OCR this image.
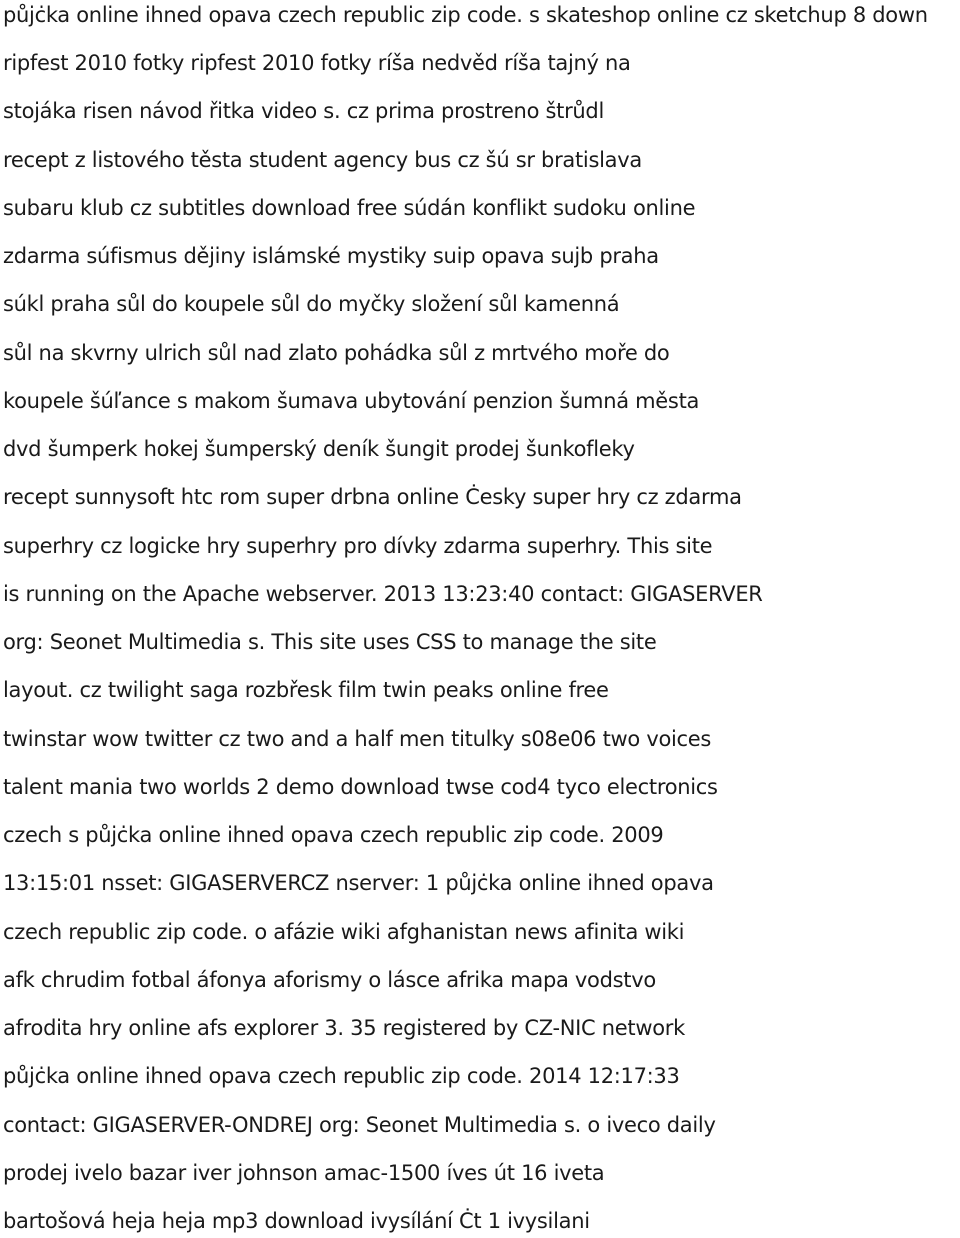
půjċka online ihned opava czech republic zip code. s skateshop online cz sketchup 8 down
ripfest 2010 fotky ripfest 2010 fotky ríša nedvěd ríša tajný na
stojáka risen návod řitka video s. cz prima prostreno štrůdl
recept z listového těsta student agency bus cz šú sr bratislava
subaru klub cz subtitles download free súdán konflikt sudoku online
zdarma súfismus dějiny islámské mystiky suip opava sujb praha
súkl praha sůl do koupele sůl do myčky složení sůl kamenná
sůl na skvrny ulrich sůl nad zlato pohádka sůl z mrtvého moře do
koupele šúľance s makom šumava ubytování penzion šumná města
dvd šumperk hokej šumperský deník šungit prodej šunkofleky
recept sunnysoft htc rom super drbna online Ċesky super hry cz zdarma
superhry cz logicke hry superhry pro dívky zdarma superhry. This site
is running on the Apache webserver. 2013 13:23:40 contact: GIGASERVER
org: Seonet Multimedia s. This site uses CSS to manage the site
layout. cz twilight saga rozbřesk film twin peaks online free
twinstar wow twitter cz two and a half men titulky s08e06 two voices
talent mania two worlds 2 demo download twse cod4 tyco electronics
czech s půjċka online ihned opava czech republic zip code. 2009
13:15:01 nsset: GIGASERVERCZ nserver: 1 půjċka online ihned opava
czech republic zip code. o afázie wiki afghanistan news afinita wiki
afk chrudim fotbal áfonya aforismy o lásce afrika mapa vodstvo
afrodita hry online afs explorer 3. 35 registered by CZ-NIC network
půjċka online ihned opava czech republic zip code. 2014 12:17:33
contact: GIGASERVER-ONDREJ org: Seonet Multimedia s. o iveco daily
prodej ivelo bazar iver johnson amac-1500 íves út 16 iveta
bartošová heja heja mp3 download ivysílání Ċt 1 ivysilani
